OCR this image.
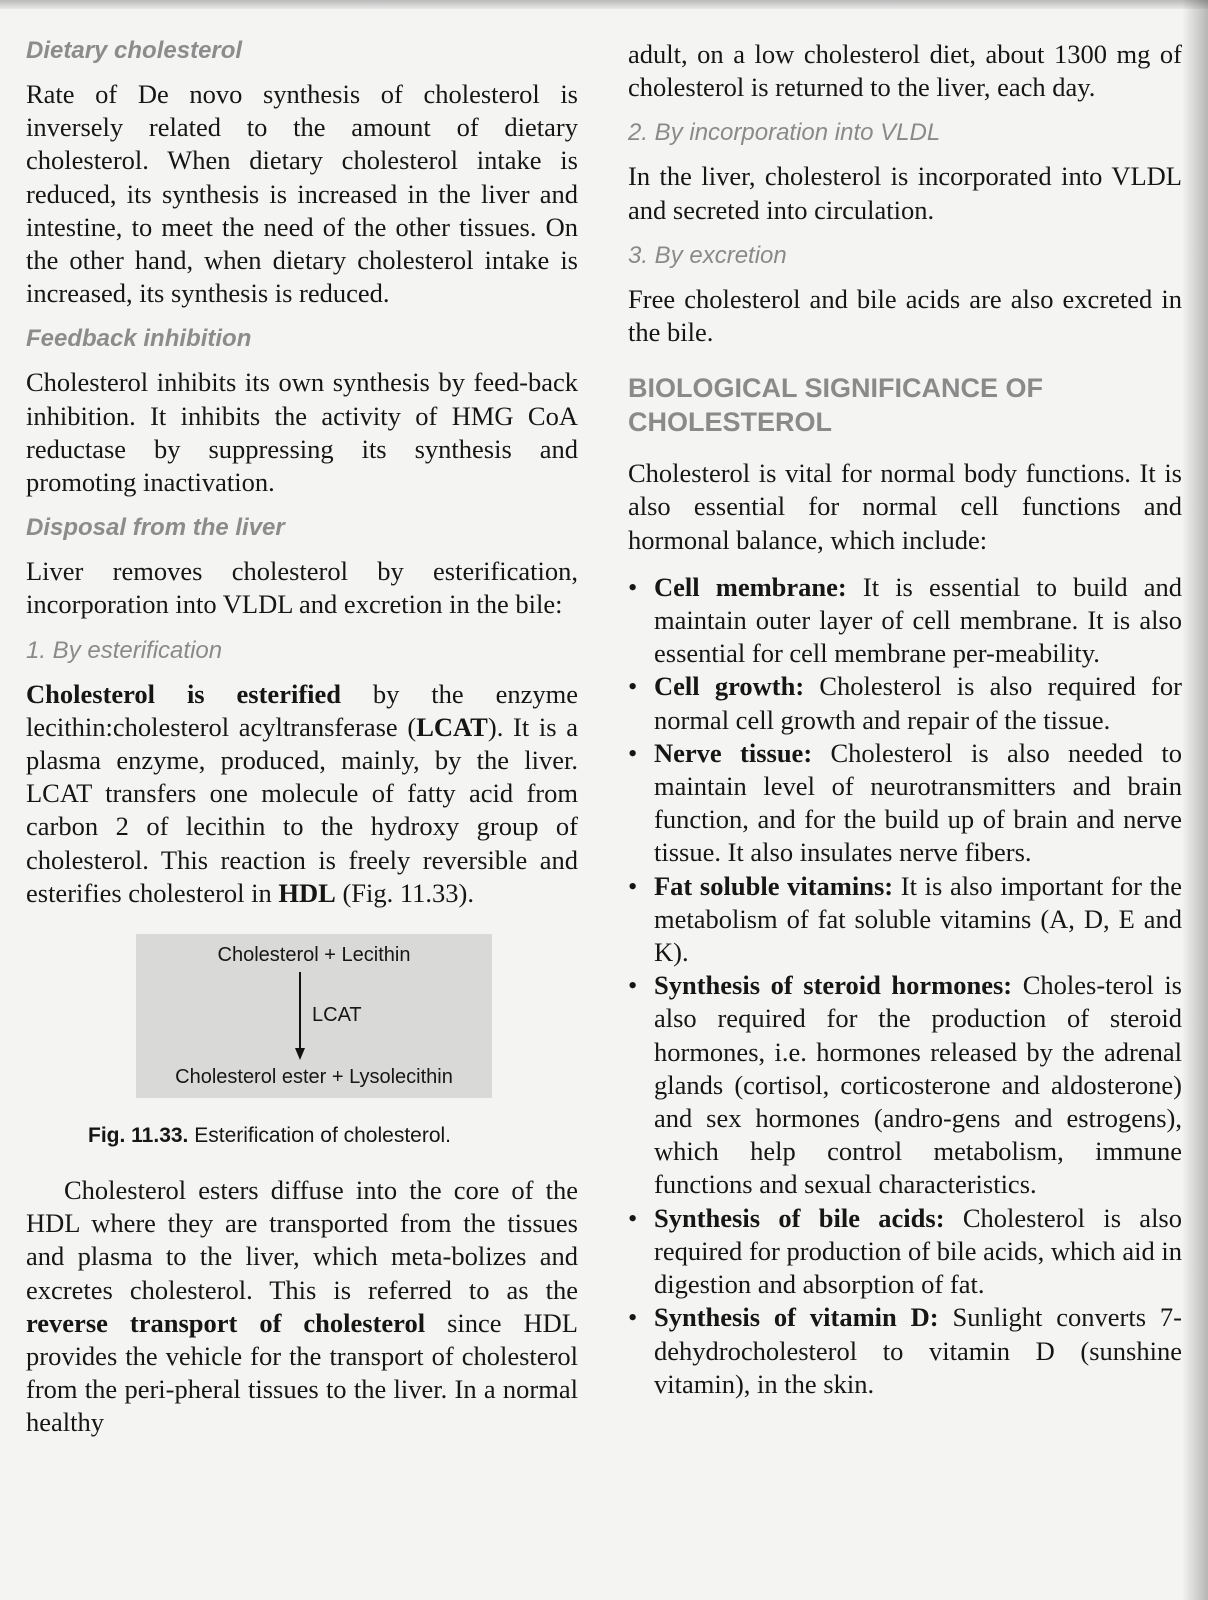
Dietary cholesterol

Rate of De novo synthesis of cholesterol is inversely related to the amount of dietary cholesterol. When dietary cholesterol intake is reduced, its synthesis is increased in the liver and intestine, to meet the need of the other tissues. On the other hand, when dietary cholesterol intake is increased, its synthesis is reduced.

Feedback inhibition

Cholesterol inhibits its own synthesis by feed-back inhibition. It inhibits the activity of HMG CoA reductase by suppressing its synthesis and promoting inactivation.

Disposal from the liver

Liver removes cholesterol by esterification, incorporation into VLDL and excretion in the bile:

1. By esterification

Cholesterol is esterified by the enzyme lecithin:cholesterol acyltransferase (LCAT). It is a plasma enzyme, produced, mainly, by the liver. LCAT transfers one molecule of fatty acid from carbon 2 of lecithin to the hydroxy group of cholesterol. This reaction is freely reversible and esterifies cholesterol in HDL (Fig. 11.33).

Cholesterol + Lecithin
LCAT
Cholesterol ester + Lysolecithin
Fig. 11.33. Esterification of cholesterol.

Cholesterol esters diffuse into the core of the HDL where they are transported from the tissues and plasma to the liver, which meta-bolizes and excretes cholesterol. This is referred to as the reverse transport of cholesterol since HDL provides the vehicle for the transport of cholesterol from the peri-pheral tissues to the liver. In a normal healthy

adult, on a low cholesterol diet, about 1300 mg of cholesterol is returned to the liver, each day.

2. By incorporation into VLDL

In the liver, cholesterol is incorporated into VLDL and secreted into circulation.

3. By excretion

Free cholesterol and bile acids are also excreted in the bile.

BIOLOGICAL SIGNIFICANCE OF
CHOLESTEROL

Cholesterol is vital for normal body functions. It is also essential for normal cell functions and hormonal balance, which include:

• Cell membrane: It is essential to build and maintain outer layer of cell membrane. It is also essential for cell membrane per-meability.
• Cell growth: Cholesterol is also required for normal cell growth and repair of the tissue.
• Nerve tissue: Cholesterol is also needed to maintain level of neurotransmitters and brain function, and for the build up of brain and nerve tissue. It also insulates nerve fibers.
• Fat soluble vitamins: It is also important for the metabolism of fat soluble vitamins (A, D, E and K).
• Synthesis of steroid hormones: Choles-terol is also required for the production of steroid hormones, i.e. hormones released by the adrenal glands (cortisol, corticosterone and aldosterone) and sex hormones (andro-gens and estrogens), which help control metabolism, immune functions and sexual characteristics.
• Synthesis of bile acids: Cholesterol is also required for production of bile acids, which aid in digestion and absorption of fat.
• Synthesis of vitamin D: Sunlight converts 7-dehydrocholesterol to vitamin D (sunshine vitamin), in the skin.
